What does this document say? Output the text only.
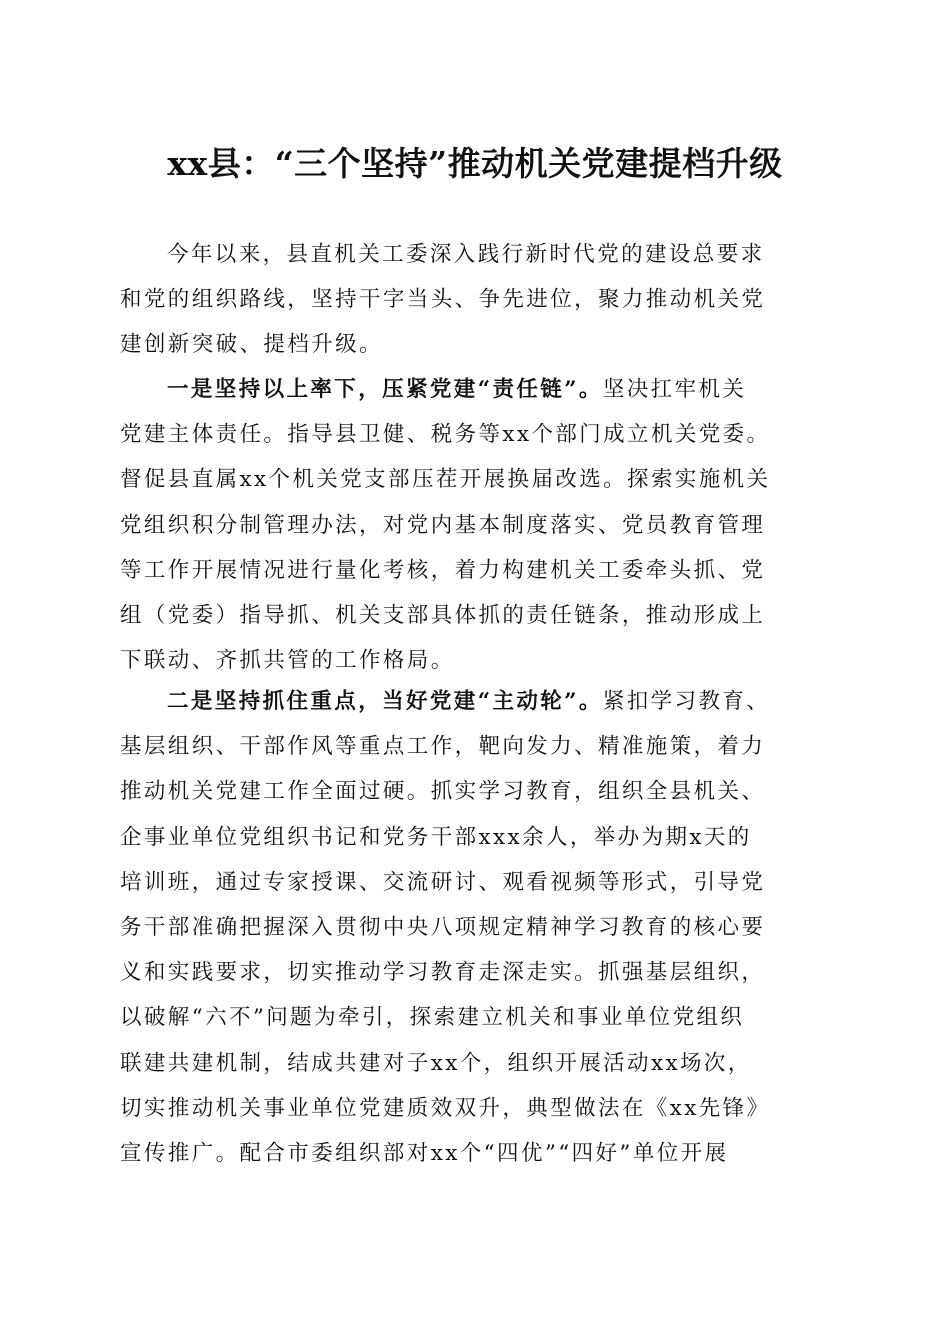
xx县：“三个坚持”推动机关党建提档升级
今年以来，县直机关工委深入践行新时代党的建设总要求
和党的组织路线，坚持干字当头、争先进位，聚力推动机关党
建创新突破、提档升级。
一是坚持以上率下，压紧党建“责任链”。坚决扛牢机关
党建主体责任。指导县卫健、税务等xx个部门成立机关党委。
督促县直属xx个机关党支部压茬开展换届改选。探索实施机关
党组织积分制管理办法，对党内基本制度落实、党员教育管理
等工作开展情况进行量化考核，着力构建机关工委牵头抓、党
组（党委）指导抓、机关支部具体抓的责任链条，推动形成上
下联动、齐抓共管的工作格局。
二是坚持抓住重点，当好党建“主动轮”。紧扣学习教育、
基层组织、干部作风等重点工作，靶向发力、精准施策，着力
推动机关党建工作全面过硬。抓实学习教育，组织全县机关、
企事业单位党组织书记和党务干部xxx余人，举办为期x天的
培训班，通过专家授课、交流研讨、观看视频等形式，引导党
务干部准确把握深入贯彻中央八项规定精神学习教育的核心要
义和实践要求，切实推动学习教育走深走实。抓强基层组织，
以破解“六不”问题为牵引，探索建立机关和事业单位党组织
联建共建机制，结成共建对子xx个，组织开展活动xx场次，
切实推动机关事业单位党建质效双升，典型做法在《xx先锋》
宣传推广。配合市委组织部对xx个“四优”“四好”单位开展
